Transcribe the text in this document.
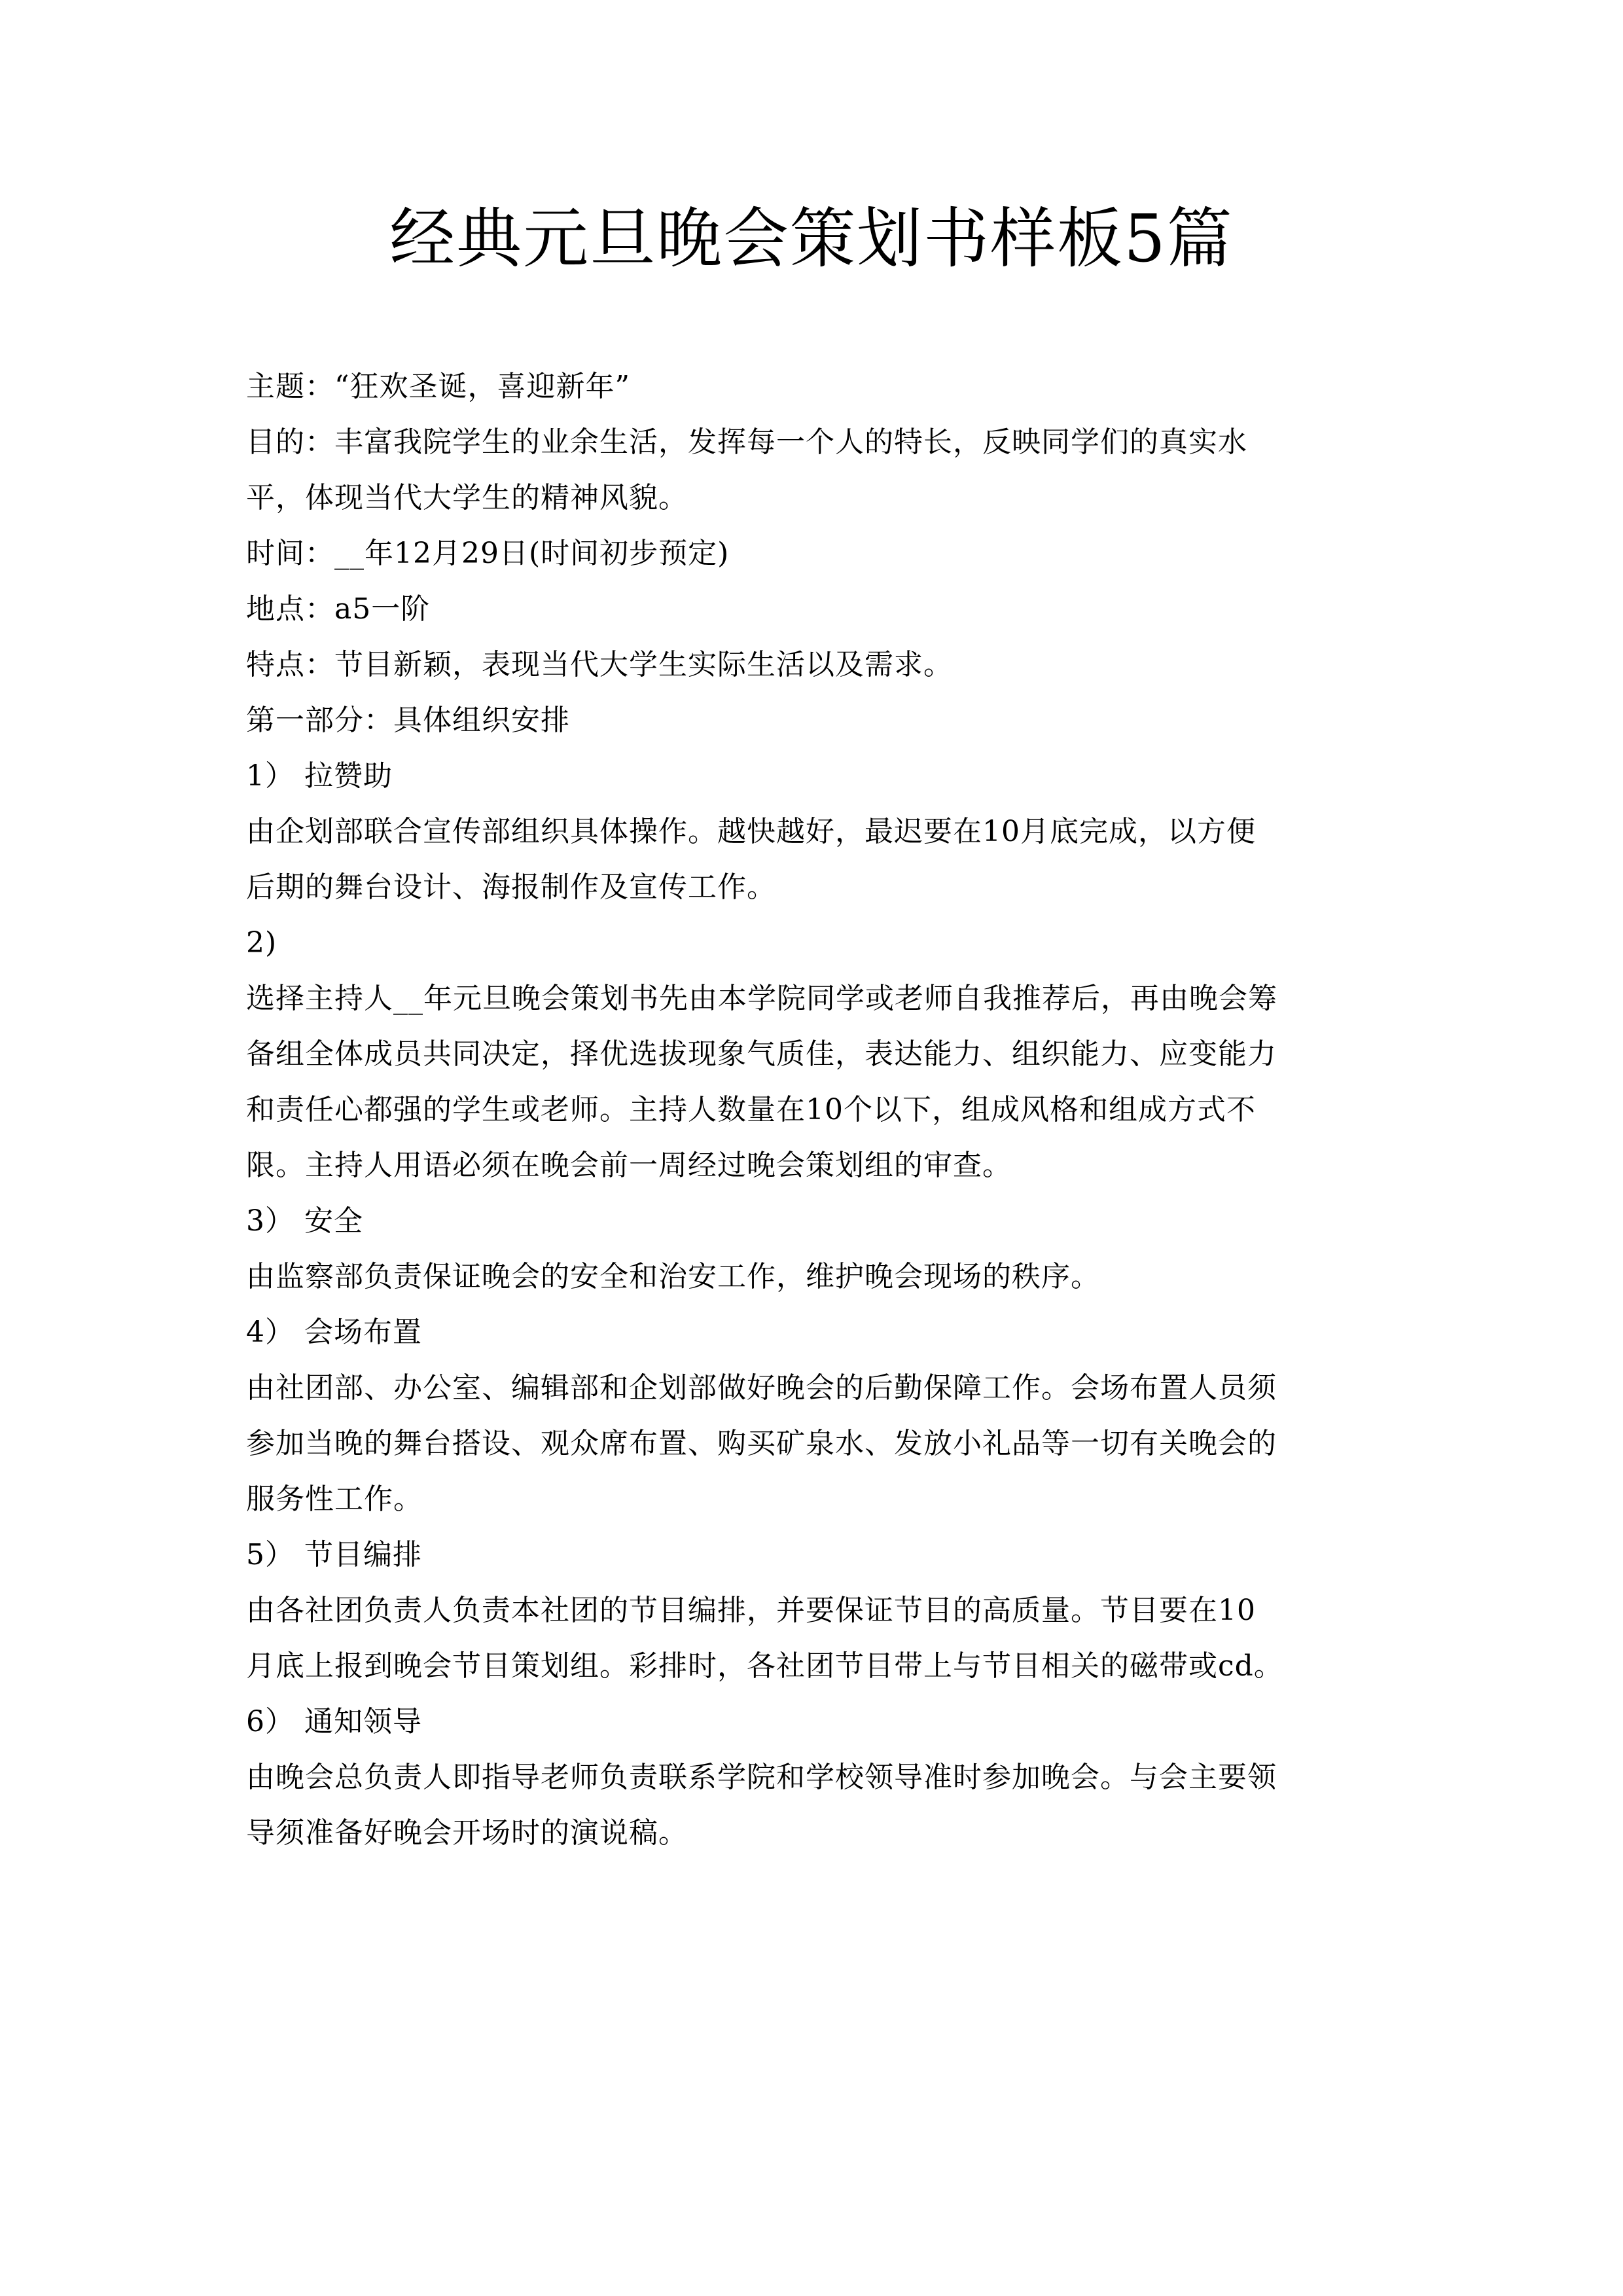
经典元旦晚会策划书样板5篇
主题：“狂欢圣诞，喜迎新年”
目的：丰富我院学生的业余生活，发挥每一个人的特长，反映同学们的真实水
平，体现当代大学生的精神风貌。
时间：__年12月29日(时间初步预定)
地点：a5一阶
特点：节目新颖，表现当代大学生实际生活以及需求。
第一部分：具体组织安排
1） 拉赞助
由企划部联合宣传部组织具体操作。越快越好，最迟要在10月底完成，以方便
后期的舞台设计、海报制作及宣传工作。
2)
选择主持人__年元旦晚会策划书先由本学院同学或老师自我推荐后，再由晚会筹
备组全体成员共同决定，择优选拔现象气质佳，表达能力、组织能力、应变能力
和责任心都强的学生或老师。主持人数量在10个以下，组成风格和组成方式不
限。主持人用语必须在晚会前一周经过晚会策划组的审查。
3） 安全
由监察部负责保证晚会的安全和治安工作，维护晚会现场的秩序。
4） 会场布置
由社团部、办公室、编辑部和企划部做好晚会的后勤保障工作。会场布置人员须
参加当晚的舞台搭设、观众席布置、购买矿泉水、发放小礼品等一切有关晚会的
服务性工作。
5） 节目编排
由各社团负责人负责本社团的节目编排，并要保证节目的高质量。节目要在10
月底上报到晚会节目策划组。彩排时，各社团节目带上与节目相关的磁带或cd。
6） 通知领导
由晚会总负责人即指导老师负责联系学院和学校领导准时参加晚会。与会主要领
导须准备好晚会开场时的演说稿。
